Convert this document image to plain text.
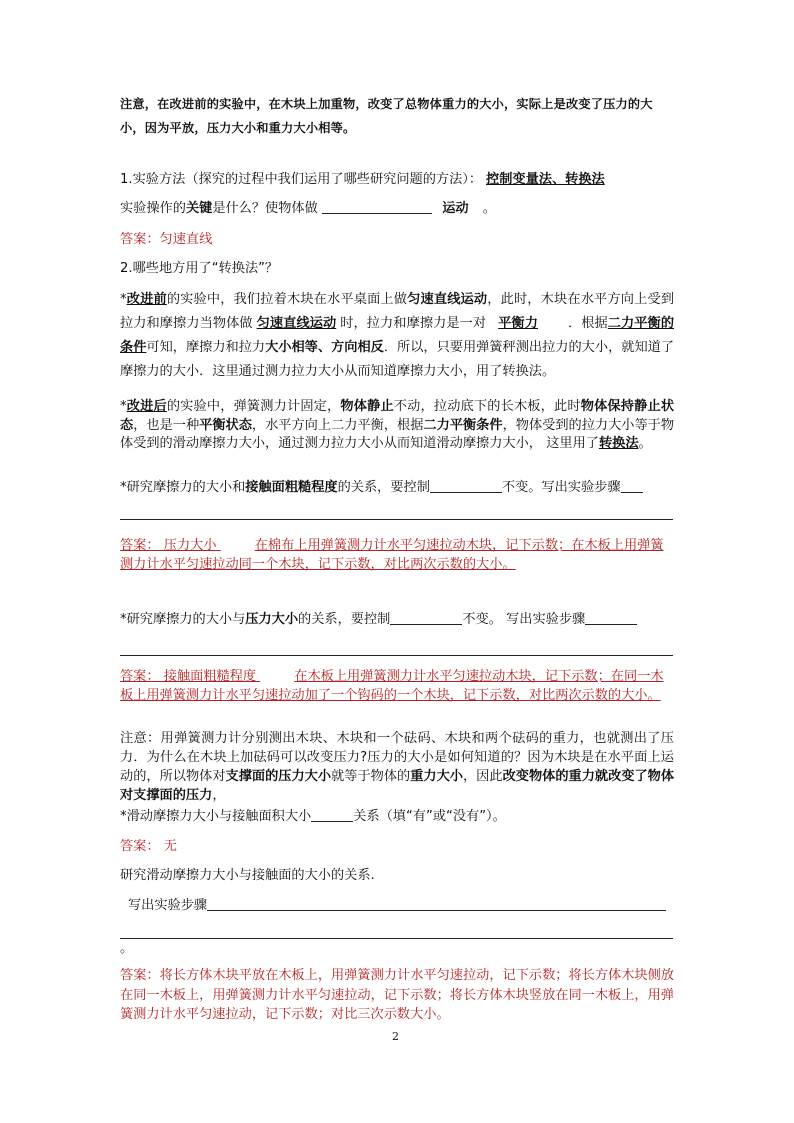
注意，在改进前的实验中，在木块上加重物，改变了总物体重力的大小，实际上是改变了压力的大小，因为平放，压力大小和重力大小相等。
1.实验方法（探究的过程中我们运用了哪些研究问题的方法）： 控制变量法、转换法
实验操作的关键是什么？使物体做	运动 。
答案：匀速直线
2.哪些地方用了“转换法”？
*改进前的实验中，我们拉着木块在水平桌面上做匀速直线运动，此时，木块在水平方向上受到拉力和摩擦力当物体做 匀速直线运动 时，拉力和摩擦力是一对 平衡力 ．根据二力平衡的条件可知，摩擦力和拉力大小相等、方向相反．所以，只要用弹簧秤测出拉力的大小，就知道了摩擦力的大小．这里通过测力拉力大小从而知道摩擦力大小，用了转换法。
*改进后的实验中，弹簧测力计固定，物体静止不动，拉动底下的长木板，此时物体保持静止状态，也是一种平衡状态，水平方向上二力平衡，根据二力平衡条件，物体受到的拉力大小等于物体受到的滑动摩擦力大小，通过测力拉力大小从而知道滑动摩擦力大小， 这里用了转换法。
*研究摩擦力的大小和接触面粗糙程度的关系，要控制	不变。写出实验步骤
答案： 压力大小	在棉布上用弹簧测力计水平匀速拉动木块，记下示数；在木板上用弹簧测力计水平匀速拉动同一个木块，记下示数，对比两次示数的大小。
*研究摩擦力的大小与压力大小的关系，要控制	不变。 写出实验步骤
答案： 接触面粗糙程度	在木板上用弹簧测力计水平匀速拉动木块，记下示数；在同一木板上用弹簧测力计水平匀速拉动加了一个钩码的一个木块，记下示数，对比两次示数的大小。
注意：用弹簧测力计分别测出木块、木块和一个砝码、木块和两个砝码的重力，也就测出了压力．为什么在木块上加砝码可以改变压力?压力的大小是如何知道的？因为木块是在水平面上运动的，所以物体对支撑面的压力大小就等于物体的重力大小，因此改变物体的重力就改变了物体对支撑面的压力，
*滑动摩擦力大小与接触面积大小	关系（填“有”或“没有”）。
答案： 无
研究滑动摩擦力大小与接触面的大小的关系.
写出实验步骤
。
答案：将长方体木块平放在木板上，用弹簧测力计水平匀速拉动，记下示数；将长方体木块侧放在同一木板上，用弹簧测力计水平匀速拉动，记下示数；将长方体木块竖放在同一木板上，用弹簧测力计水平匀速拉动，记下示数；对比三次示数大小。
2
